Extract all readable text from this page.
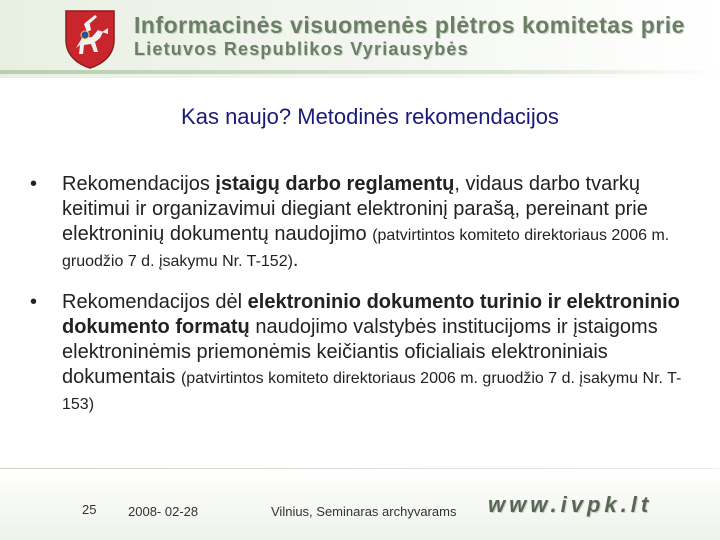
Informacinės visuomenės plėtros komitetas prie
Lietuvos Respublikos Vyriausybės
Kas naujo? Metodinės rekomendacijos
• Rekomendacijos įstaigų darbo reglamentų, vidaus darbo tvarkų keitimui ir organizavimui diegiant elektroninį parašą, pereinant prie elektroninių dokumentų naudojimo (patvirtintos komiteto direktoriaus 2006 m. gruodžio 7 d. įsakymu Nr. T-152).
• Rekomendacijos dėl elektroninio dokumento turinio ir elektroninio dokumento formatų naudojimo valstybės institucijoms ir įstaigoms elektroninėmis priemonėmis keičiantis oficialiais elektroniniais dokumentais (patvirtintos komiteto direktoriaus 2006 m. gruodžio 7 d. įsakymu Nr. T-153)
25 2008- 02-28	Vilnius, Seminaras archyvarams www.ivpk.lt
